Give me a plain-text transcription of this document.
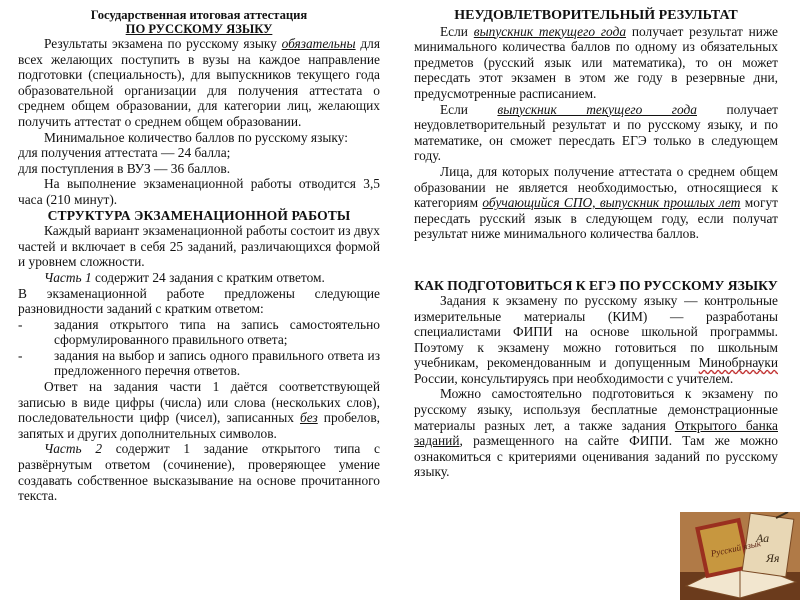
Государственная итоговая аттестация

ПО РУССКОМУ ЯЗЫКУ

Результаты экзамена по русскому языку обязательны для всех желающих поступить в вузы на каждое направление подготовки (специальность), для выпускников текущего года образовательной организации для получения аттестата о среднем общем образовании, для категории лиц, желающих получить аттестат о среднем общем образовании.

Минимальное количество баллов по русскому языку:

для получения аттестата — 24 балла;

для поступления в ВУЗ — 36 баллов.

На выполнение экзаменационной работы отводится 3,5 часа (210 минут).

СТРУКТУРА ЭКЗАМЕНАЦИОННОЙ РАБОТЫ

Каждый вариант экзаменационной работы состоит из двух частей и включает в себя 25 заданий, различающихся формой и уровнем сложности.

Часть 1 содержит 24 задания с кратким ответом.

В экзаменационной работе предложены следующие разновидности заданий с кратким ответом:

-	задания открытого типа на запись самостоятельно сформулированного правильного ответа;
-	задания на выбор и запись одного правильного ответа из предложенного перечня ответов.

Ответ на задания части 1 даётся соответствующей записью в виде цифры (числа) или слова (нескольких слов), последовательности цифр (чисел), записанных без пробелов, запятых и других дополнительных символов.

Часть 2 содержит 1 задание открытого типа с развёрнутым ответом (сочинение), проверяющее умение создавать собственное высказывание на основе прочитанного текста.

НЕУДОВЛЕТВОРИТЕЛЬНЫЙ РЕЗУЛЬТАТ

Если выпускник текущего года получает результат ниже минимального количества баллов по одному из обязательных предметов (русский язык или математика), то он может пересдать этот экзамен в этом же году в резервные дни, предусмотренные расписанием.

Если выпускник текущего года получает неудовлетворительный результат и по русскому языку, и по математике, он сможет пересдать ЕГЭ только в следующем году.

Лица, для которых получение аттестата о среднем общем образовании не является необходимостью, относящиеся к категориям обучающийся СПО, выпускник прошлых лет могут пересдать русский язык в следующем году, если получат результат ниже минимального количества баллов.

КАК ПОДГОТОВИТЬСЯ К ЕГЭ ПО РУССКОМУ ЯЗЫКУ

Задания к экзамену по русскому языку — контрольные измерительные материалы (КИМ) — разработаны специалистами ФИПИ на основе школьной программы. Поэтому к экзамену можно готовиться по школьным учебникам, рекомендованным и допущенным Минобрнауки России, консультируясь при необходимости с учителем.

Можно самостоятельно подготовиться к экзамену по русскому языку, используя бесплатные демонстрационные материалы разных лет, а также задания Открытого банка заданий, размещенного на сайте ФИПИ. Там же можно ознакомиться с критериями оценивания заданий по русскому языку.

Русский язык
Аа
Яя
